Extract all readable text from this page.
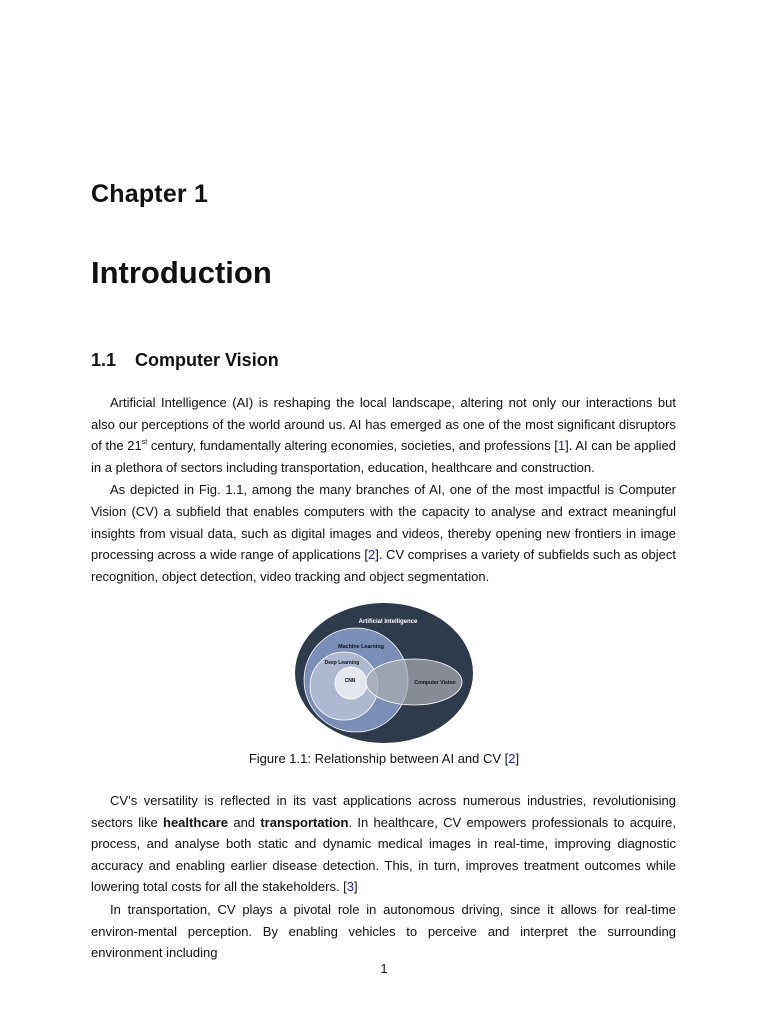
Chapter 1
Introduction
1.1 Computer Vision

Artificial Intelligence (AI) is reshaping the local landscape, altering not only our interactions but also our perceptions of the world around us. AI has emerged as one of the most significant disruptors of the 21st century, fundamentally altering economies, societies, and professions [1]. AI can be applied in a plethora of sectors including transportation, education, healthcare and construction.

As depicted in Fig. 1.1, among the many branches of AI, one of the most impactful is Computer Vision (CV) a subfield that enables computers with the capacity to analyse and extract meaningful insights from visual data, such as digital images and videos, thereby opening new frontiers in image processing across a wide range of applications [2]. CV comprises a variety of subfields such as object recognition, object detection, video tracking and object segmentation.

Artificial Intelligence
Machine Learning
Deep Learning
CNN	Computer Vision
Figure 1.1: Relationship between AI and CV [2]

CV’s versatility is reflected in its vast applications across numerous industries, revolutionising sectors like healthcare and transportation. In healthcare, CV empowers professionals to acquire, process, and analyse both static and dynamic medical images in real-time, improving diagnostic accuracy and enabling earlier disease detection. This, in turn, improves treatment outcomes while lowering total costs for all the stakeholders. [3]

In transportation, CV plays a pivotal role in autonomous driving, since it allows for real-time environ-mental perception. By enabling vehicles to perceive and interpret the surrounding environment including

1
